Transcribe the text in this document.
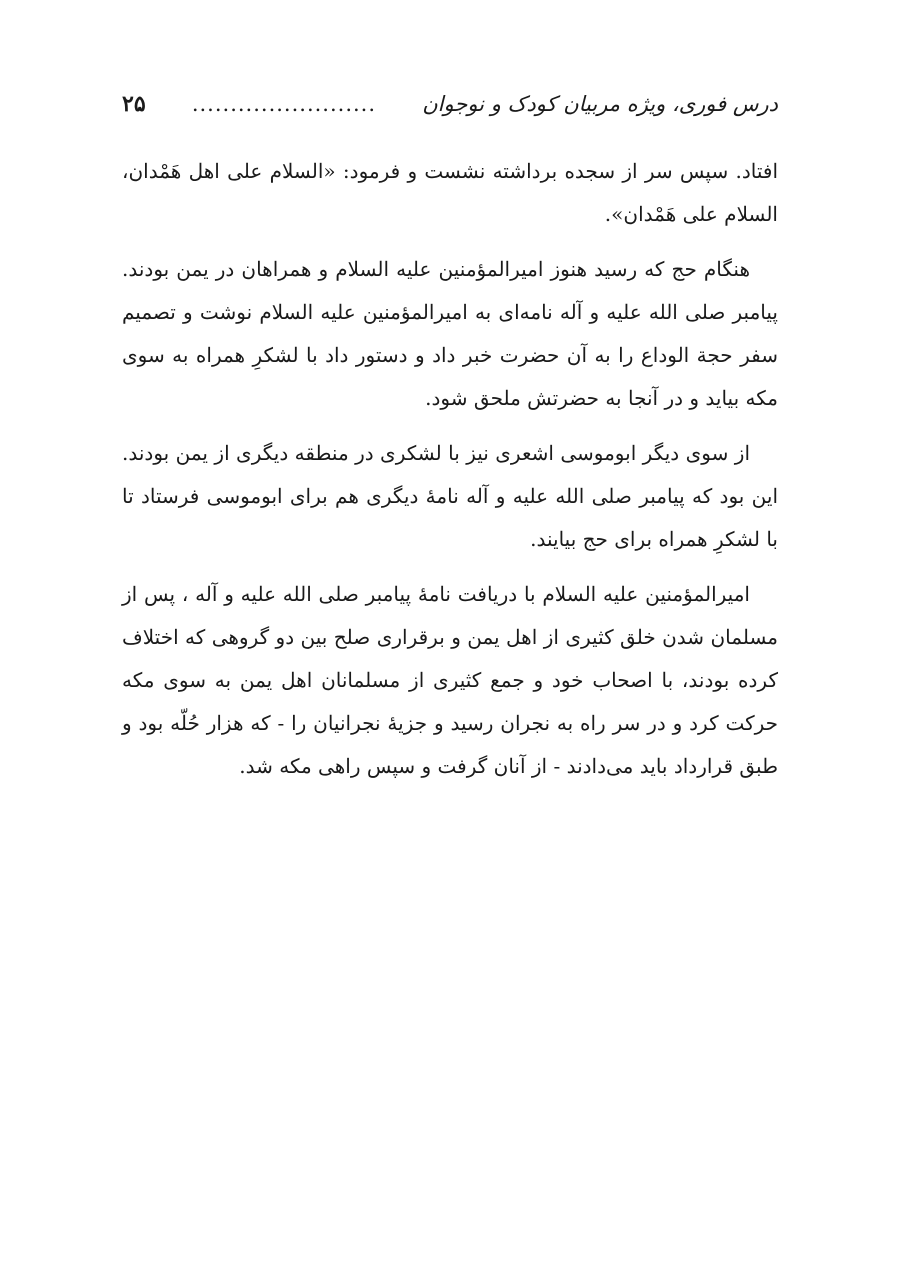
درس فوری، ویژه مربیان کودک و نوجوان
........................
۲۵

افتاد. سپس سر از سجده برداشته نشست و فرمود: «السلام علی اهل هَمْدان، السلام علی هَمْدان».

هنگام حج که رسید هنوز امیرالمؤمنین علیه السلام و همراهان در یمن بودند. پیامبر صلی الله علیه و آله نامه‌ای به امیرالمؤمنین علیه السلام نوشت و تصمیم سفر حجة الوداع را به آن حضرت خبر داد و دستور داد با لشکرِ همراه به سوی مکه بیاید و در آنجا به حضرتش ملحق شود.

از سوی دیگر ابوموسی اشعری نیز با لشکری در منطقه دیگری از یمن بودند. این بود که پیامبر صلی الله علیه و آله نامهٔ دیگری هم برای ابوموسی فرستاد تا با لشکرِ همراه برای حج بیایند.

امیرالمؤمنین علیه السلام با دریافت نامهٔ پیامبر صلی الله علیه و آله ، پس از مسلمان شدن خلق کثیری از اهل یمن و برقراری صلح بین دو گروهی که اختلاف کرده بودند، با اصحاب خود و جمع کثیری از مسلمانان اهل یمن به سوی مکه حرکت کرد و در سر راه به نجران رسید و جزیهٔ نجرانیان را - که هزار حُلّه بود و طبق قرارداد باید می‌دادند - از آنان گرفت و سپس راهی مکه شد.
